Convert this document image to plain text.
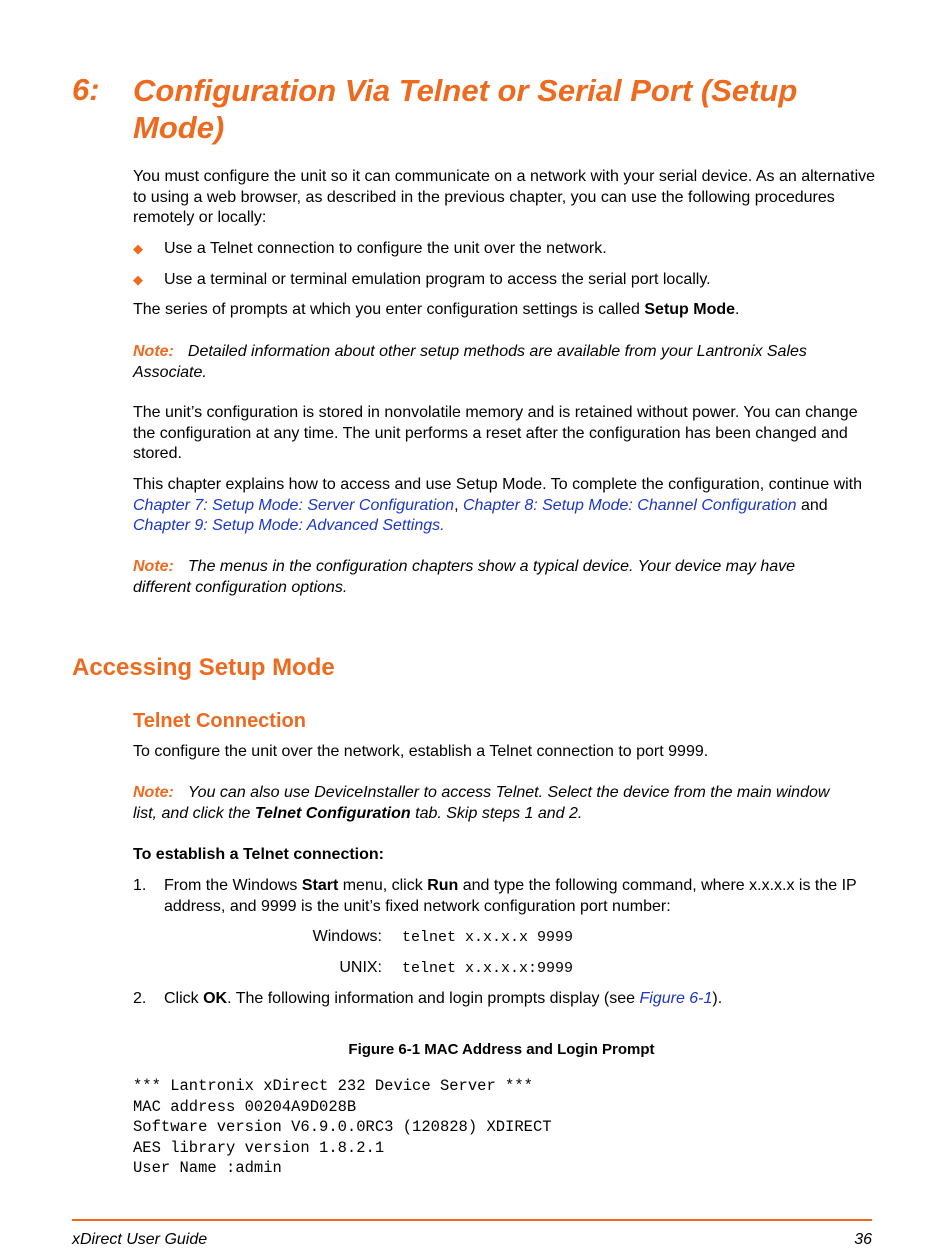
6: Configuration Via Telnet or Serial Port (Setup Mode)
You must configure the unit so it can communicate on a network with your serial device. As an alternative to using a web browser, as described in the previous chapter, you can use the following procedures remotely or locally:
◆ Use a Telnet connection to configure the unit over the network.
◆ Use a terminal or terminal emulation program to access the serial port locally.
The series of prompts at which you enter configuration settings is called Setup Mode.
Note: Detailed information about other setup methods are available from your Lantronix Sales Associate.
The unit’s configuration is stored in nonvolatile memory and is retained without power. You can change the configuration at any time. The unit performs a reset after the configuration has been changed and stored.
This chapter explains how to access and use Setup Mode. To complete the configuration, continue with Chapter 7: Setup Mode: Server Configuration, Chapter 8: Setup Mode: Channel Configuration and Chapter 9: Setup Mode: Advanced Settings.
Note: The menus in the configuration chapters show a typical device. Your device may have different configuration options.
Accessing Setup Mode
Telnet Connection
To configure the unit over the network, establish a Telnet connection to port 9999.
Note: You can also use DeviceInstaller to access Telnet. Select the device from the main window list, and click the Telnet Configuration tab. Skip steps 1 and 2.
To establish a Telnet connection:
1. From the Windows Start menu, click Run and type the following command, where x.x.x.x is the IP address, and 9999 is the unit’s fixed network configuration port number:
Windows: telnet x.x.x.x 9999
UNIX: telnet x.x.x.x:9999
2. Click OK. The following information and login prompts display (see Figure 6-1).
Figure 6-1 MAC Address and Login Prompt
*** Lantronix xDirect 232 Device Server ***
MAC address 00204A9D028B
Software version V6.9.0.0RC3 (120828) XDIRECT
AES library version 1.8.2.1
User Name :admin
xDirect User Guide	36
